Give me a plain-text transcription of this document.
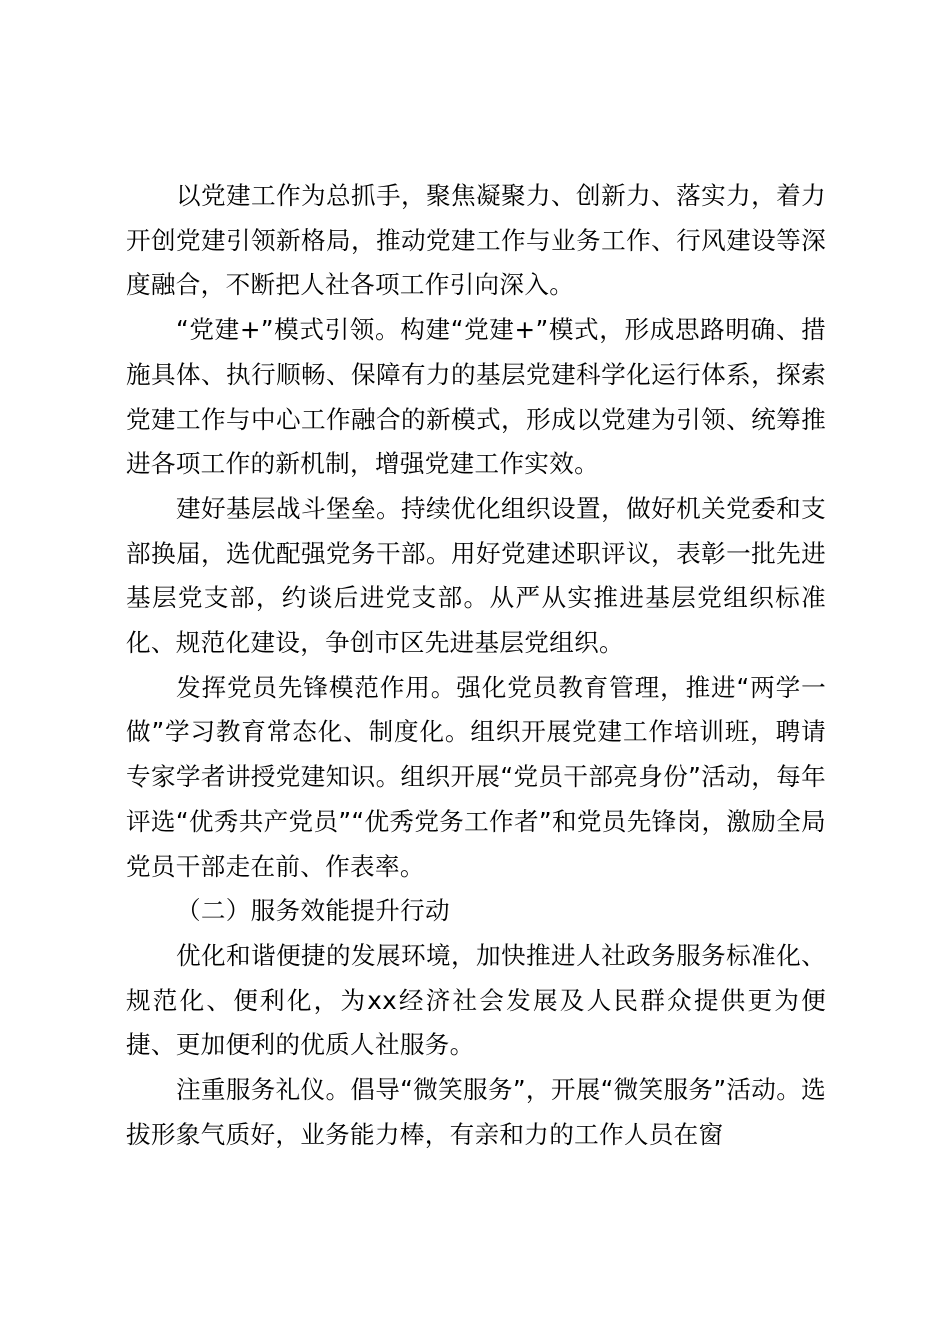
以党建工作为总抓手，聚焦凝聚力、创新力、落实力，着力开创党建引领新格局，推动党建工作与业务工作、行风建设等深度融合，不断把人社各项工作引向深入。

“党建+”模式引领。构建“党建+”模式，形成思路明确、措施具体、执行顺畅、保障有力的基层党建科学化运行体系，探索党建工作与中心工作融合的新模式，形成以党建为引领、统筹推进各项工作的新机制，增强党建工作实效。

建好基层战斗堡垒。持续优化组织设置，做好机关党委和支部换届，选优配强党务干部。用好党建述职评议，表彰一批先进基层党支部，约谈后进党支部。从严从实推进基层党组织标准化、规范化建设，争创市区先进基层党组织。

发挥党员先锋模范作用。强化党员教育管理，推进“两学一做”学习教育常态化、制度化。组织开展党建工作培训班，聘请专家学者讲授党建知识。组织开展“党员干部亮身份”活动，每年评选“优秀共产党员”“优秀党务工作者”和党员先锋岗，激励全局党员干部走在前、作表率。

（二）服务效能提升行动

优化和谐便捷的发展环境，加快推进人社政务服务标准化、规范化、便利化，为xx经济社会发展及人民群众提供更为便捷、更加便利的优质人社服务。

注重服务礼仪。倡导“微笑服务”，开展“微笑服务”活动。选拔形象气质好，业务能力棒，有亲和力的工作人员在窗
